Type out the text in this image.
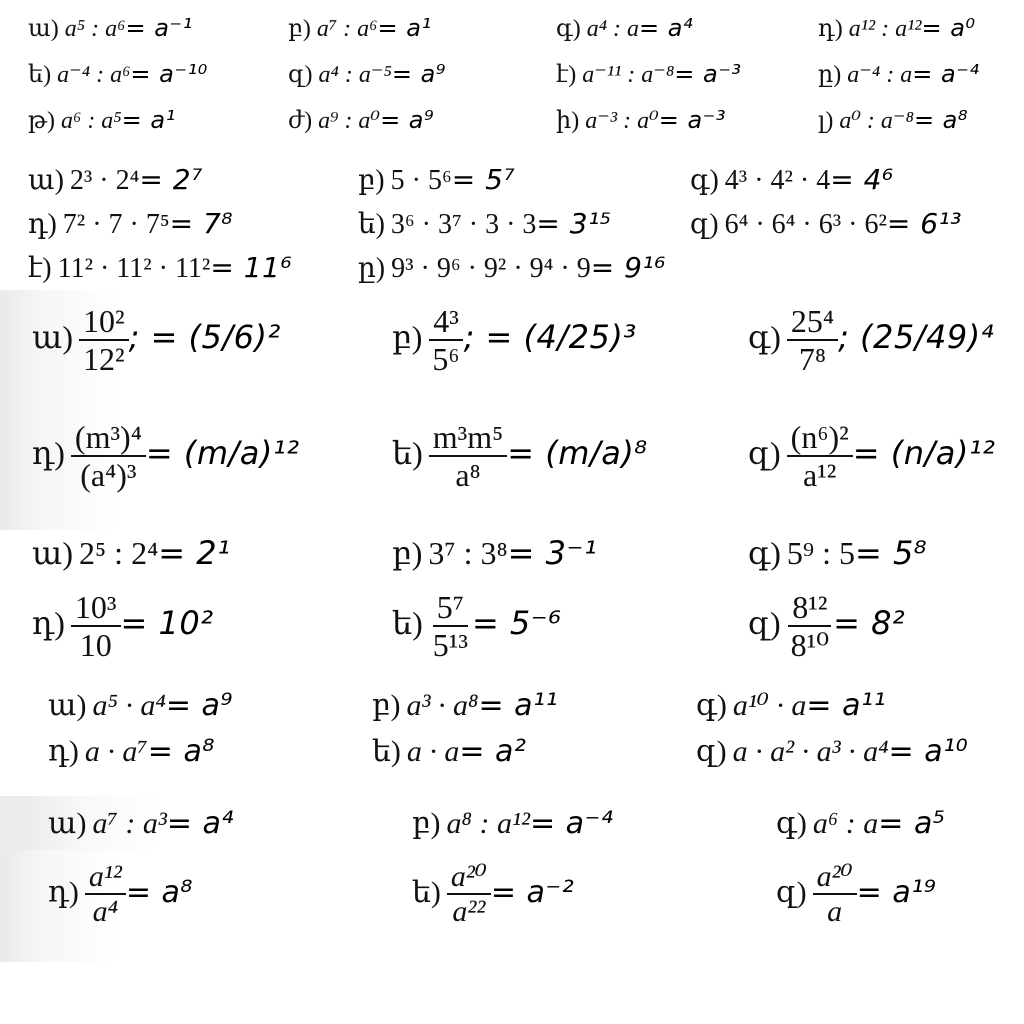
ա) a⁵ : a⁶= a⁻¹	բ) a⁷ : a⁶= a¹	գ) a⁴ : a= a⁴	դ) a¹² : a¹²= a⁰
ե) a⁻⁴ : a⁶= a⁻¹⁰	զ) a⁴ : a⁻⁵= a⁹	է) a⁻¹¹ : a⁻⁸= a⁻³	ը) a⁻⁴ : a= a⁻⁴
թ) a⁶ : a⁵= a¹	ժ) a⁹ : a⁰= a⁹	ի) a⁻³ : a⁰= a⁻³	լ) a⁰ : a⁻⁸= a⁸
ա) 2³ · 2⁴= 2⁷	բ) 5 · 5⁶= 5⁷	գ) 4³ · 4² · 4= 4⁶
դ) 7² · 7 · 7⁵= 7⁸	ե) 3⁶ · 3⁷ · 3 · 3= 3¹⁵	զ) 6⁴ · 6⁴ · 6³ · 6²= 6¹³
է) 11² · 11² · 11²= 11⁶ ը) 9³ · 9⁶ · 9² · 9⁴ · 9= 9¹⁶
ա) $\frac{\text{10²}}{\text{12²}}$ ; = (5/6)²	բ) $\frac{\text{4³}}{\text{5⁶}}$ ; = (4/25)³	գ) $\frac{\text{25⁴}}{\text{7⁸}}$ ; (25/49)⁴
դ) $\frac{\text{(m³)⁴}}{\text{(a⁴)³}} = (m/a)^{12}$	ե) $\frac{\text{m³m⁵}}{\text{a⁸}} = (m/a)^8$	զ) $\frac{\text{(n⁶)²}}{\text{a¹²}} = (n/a)^{12}$
ա) 2⁵ : 2⁴= 2¹	բ) 3⁷ : 3⁸= 3⁻¹	գ) 5⁹ : 5= 5⁸
դ) $\frac{\text{10³}}{10} = 10^2$	ե) $\frac{\text{5⁷}}{\text{5¹³}} = 5^{-6}$	զ) $\frac{\text{8¹²}}{\text{8¹⁰}} = 8^2$
ա) a⁵ · a⁴= a⁹	բ) a³ · a⁸= a¹¹	գ) a¹⁰ · a= a¹¹
դ) a · a⁷= a⁸	ե) a · a= a²	զ) a · a² · a³ · a⁴= a¹⁰
ա) a⁷ : a³= a⁴	բ) a⁸ : a¹²= a⁻⁴	գ) a⁶ : a= a⁵
դ) $\frac{\text{a¹²}}{\text{a⁴}} = a^8$	ե) $\frac{\text{a²⁰}}{\text{a²²}} = a^{-2}$	զ) $\frac{\text{a²⁰}}{a} = a^{19}$
